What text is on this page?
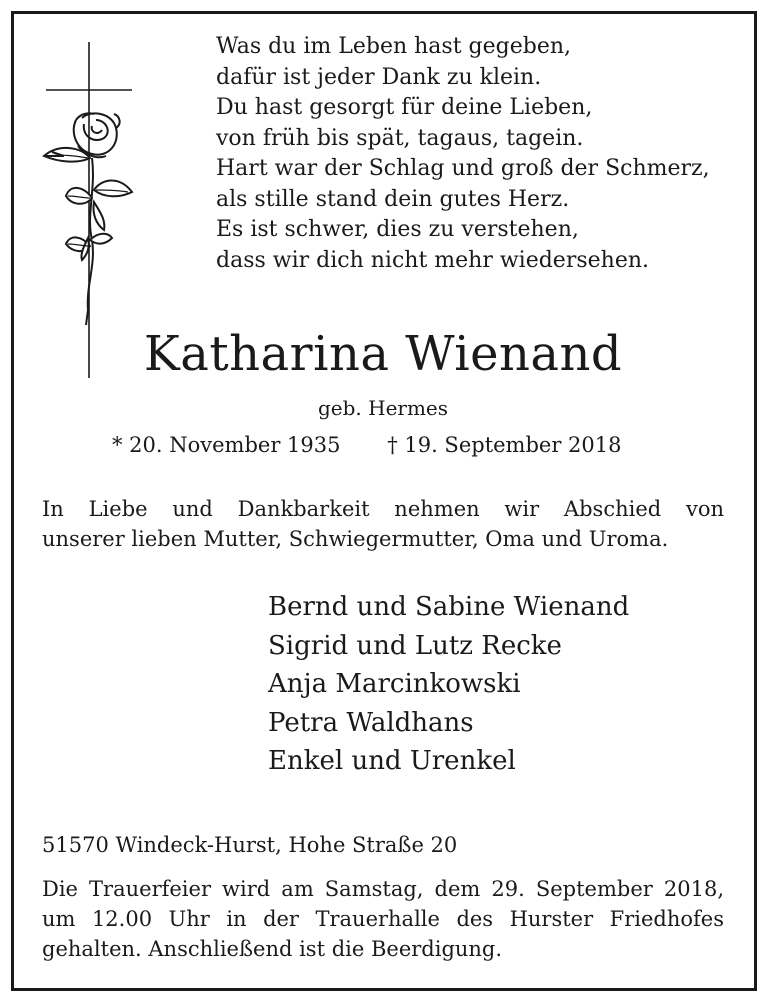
Was du im Leben hast gegeben,
dafür ist jeder Dank zu klein.
Du hast gesorgt für deine Lieben,
von früh bis spät, tagaus, tagein.
Hart war der Schlag und groß der Schmerz,
als stille stand dein gutes Herz.
Es ist schwer, dies zu verstehen,
dass wir dich nicht mehr wiedersehen.
Katharina Wienand
geb. Hermes
* 20. November 1935 † 19. September 2018
In Liebe und Dankbarkeit nehmen wir Abschied von
unserer lieben Mutter, Schwiegermutter, Oma und Uroma.
Bernd und Sabine Wienand
Sigrid und Lutz Recke
Anja Marcinkowski
Petra Waldhans
Enkel und Urenkel
51570 Windeck-Hurst, Hohe Straße 20
Die Trauerfeier wird am Samstag, dem 29. September 2018,
um 12.00 Uhr in der Trauerhalle des Hurster Friedhofes
gehalten. Anschließend ist die Beerdigung.
